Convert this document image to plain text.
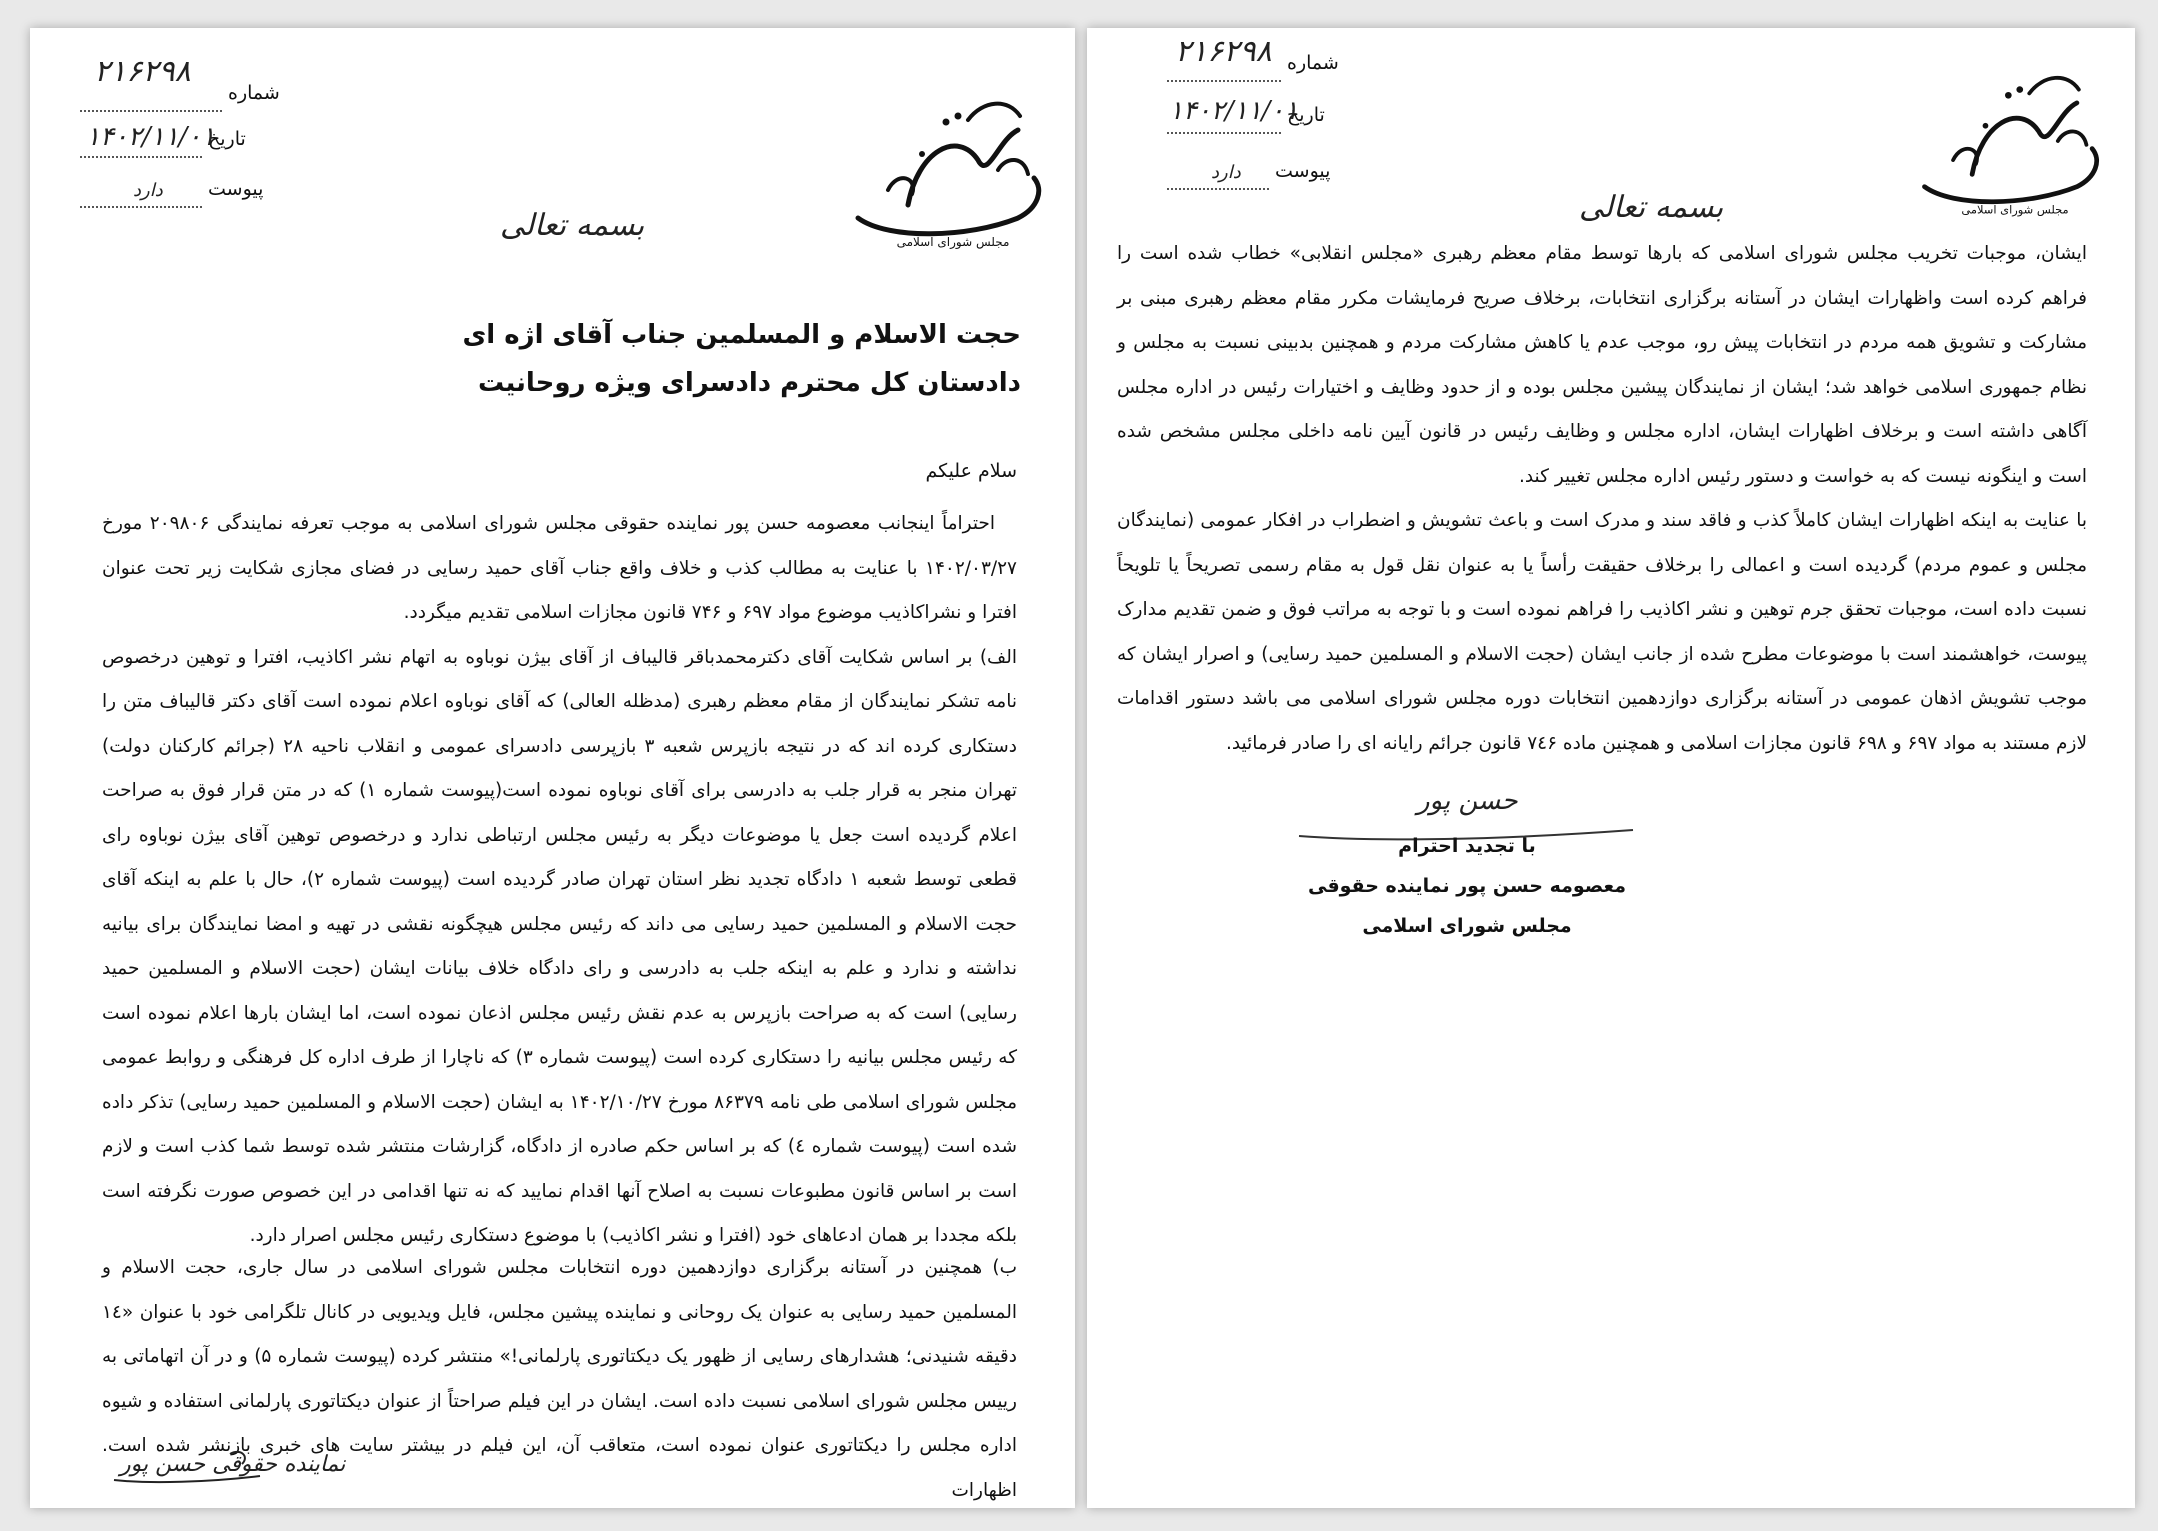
شماره
۲۱۶۲۹۸
تاریخ
۱۴۰۲/۱۱/۰۱
پیوست
دارد
مجلس شورای اسلامی
بسمه تعالی
حجت الاسلام و المسلمین جناب آقای اژه ای
دادستان کل محترم دادسرای ویژه روحانیت
سلام علیکم

احتراماً اینجانب معصومه حسن پور نماینده حقوقی مجلس شورای اسلامی به موجب تعرفه نمایندگی ۲۰۹۸۰۶ مورخ ۱۴۰۲/۰۳/۲۷ با عنایت به مطالب کذب و خلاف واقع جناب آقای حمید رسایی در فضای مجازی شکایت زیر تحت عنوان افترا و نشراکاذیب موضوع مواد ۶۹۷ و ۷۴۶ قانون مجازات اسلامی تقدیم میگردد.

الف) بر اساس شکایت آقای دکترمحمدباقر قالیباف از آقای بیژن نوباوه به اتهام نشر اکاذیب، افترا و توهین درخصوص نامه تشکر نمایندگان از مقام معظم رهبری (مدظله العالی) که آقای نوباوه اعلام نموده است آقای دکتر قالیباف متن را دستکاری کرده اند که در نتیجه بازپرس شعبه ۳ بازپرسی دادسرای عمومی و انقلاب ناحیه ۲۸ (جرائم کارکنان دولت) تهران منجر به قرار جلب به دادرسی برای آقای نوباوه نموده است(پیوست شماره ۱) که در متن قرار فوق به صراحت اعلام گردیده است جعل یا موضوعات دیگر به رئیس مجلس ارتباطی ندارد و درخصوص توهین آقای بیژن نوباوه رای قطعی توسط شعبه ۱ دادگاه تجدید نظر استان تهران صادر گردیده است (پیوست شماره ۲)، حال با علم به اینکه آقای حجت الاسلام و المسلمین حمید رسایی می داند که رئیس مجلس هیچگونه نقشی در تهیه و امضا نمایندگان برای بیانیه نداشته و ندارد و علم به اینکه جلب به دادرسی و رای دادگاه خلاف بیانات ایشان (حجت الاسلام و المسلمین حمید رسایی) است که به صراحت بازپرس به عدم نقش رئیس مجلس اذعان نموده است، اما ایشان بارها اعلام نموده است که رئیس مجلس بیانیه را دستکاری کرده است (پیوست شماره ۳) که ناچارا از طرف اداره کل فرهنگی و روابط عمومی مجلس شورای اسلامی طی نامه ۸۶۳۷۹ مورخ ۱۴۰۲/۱۰/۲۷ به ایشان (حجت الاسلام و المسلمین حمید رسایی) تذکر داده شده است (پیوست شماره ٤) که بر اساس حکم صادره از دادگاه، گزارشات منتشر شده توسط شما کذب است و لازم است بر اساس قانون مطبوعات نسبت به اصلاح آنها اقدام نمایید که نه تنها اقدامی در این خصوص صورت نگرفته است بلکه مجددا بر همان ادعاهای خود (افترا و نشر اکاذیب) با موضوع دستکاری رئیس مجلس اصرار دارد.

ب) همچنین در آستانه برگزاری دوازدهمین دوره انتخابات مجلس شورای اسلامی در سال جاری، حجت الاسلام و المسلمین حمید رسایی به عنوان یک روحانی و نماینده پیشین مجلس، فایل ویدیویی در کانال تلگرامی خود با عنوان «۱٤ دقیقه شنیدنی؛ هشدارهای رسایی از ظهور یک دیکتاتوری پارلمانی!» منتشر کرده (پیوست شماره ۵) و در آن اتهاماتی به رییس مجلس شورای اسلامی نسبت داده است. ایشان در این فیلم صراحتاً از عنوان دیکتاتوری پارلمانی استفاده و شیوه اداره مجلس را دیکتاتوری عنوان نموده است، متعاقب آن، این فیلم در بیشتر سایت های خبری بازنشر شده است. اظهارات

نماینده حقوقی حسن پور
شماره
۲۱۶۲۹۸
تاریخ
۱۴۰۲/۱۱/۰۱
پیوست
دارد
مجلس شورای اسلامی
بسمه تعالی

ایشان، موجبات تخریب مجلس شورای اسلامی که بارها توسط مقام معظم رهبری «مجلس انقلابی» خطاب شده است را فراهم کرده است واظهارات ایشان در آستانه برگزاری انتخابات، برخلاف صریح فرمایشات مکرر مقام معظم رهبری مبنی بر مشارکت و تشویق همه مردم در انتخابات پیش رو، موجب عدم یا کاهش مشارکت مردم و همچنین بدبینی نسبت به مجلس و نظام جمهوری اسلامی خواهد شد؛ ایشان از نمایندگان پیشین مجلس بوده و از حدود وظایف و اختیارات رئیس در اداره مجلس آگاهی داشته است و برخلاف اظهارات ایشان، اداره مجلس و وظایف رئیس در قانون آیین نامه داخلی مجلس مشخص شده است و اینگونه نیست که به خواست و دستور رئیس اداره مجلس تغییر کند.

با عنایت به اینکه اظهارات ایشان کاملاً کذب و فاقد سند و مدرک است و باعث تشویش و اضطراب در افکار عمومی (نمایندگان مجلس و عموم مردم) گردیده است و اعمالی را برخلاف حقیقت رأساً یا به عنوان نقل قول به مقام رسمی تصریحاً یا تلویحاً نسبت داده است، موجبات تحقق جرم توهین و نشر اکاذیب را فراهم نموده است و با توجه به مراتب فوق و ضمن تقدیم مدارک پیوست، خواهشمند است با موضوعات مطرح شده از جانب ایشان (حجت الاسلام و المسلمین حمید رسایی) و اصرار ایشان که موجب تشویش اذهان عمومی در آستانه برگزاری دوازدهمین انتخابات دوره مجلس شورای اسلامی می باشد دستور اقدامات لازم مستند به مواد ۶۹۷ و ۶۹۸ قانون مجازات اسلامی و همچنین ماده ۷٤۶ قانون جرائم رایانه ای را صادر فرمائید.

حسن پور
با تجدید احترام
معصومه حسن پور نماینده حقوقی
مجلس شورای اسلامی
